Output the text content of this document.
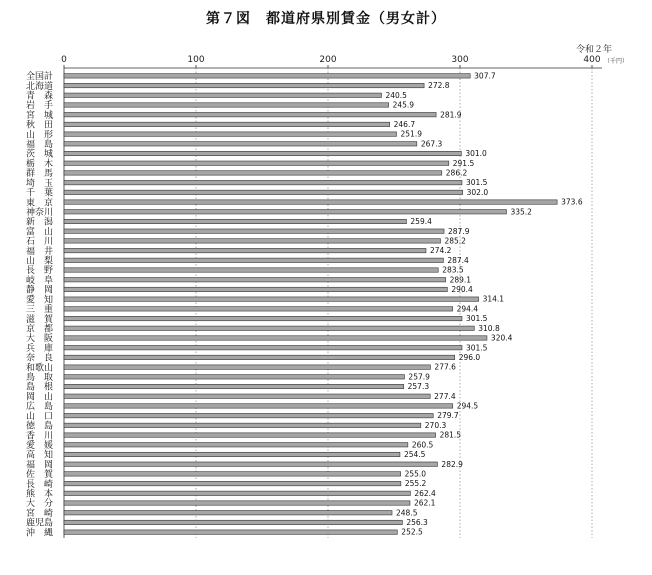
第７図　都道府県別賃金（男女計）
令和２年
（千円）
0	100	200	300	400
全国計	307.7
北海道	272.8
青　森	240.5
岩　手	245.9
宮　城	281.9
秋　田	246.7
山　形	251.9
福　島	267.3
茨　城	301.0
栃　木	291.5
群　馬	286.2
埼　玉	301.5
千　葉	302.0
東　京	373.6
神奈川	335.2
新　潟	259.4
富　山	287.9
石　川	285.2
福　井	274.2
山　梨	287.4
長　野	283.5
岐　阜	289.1
静　岡	290.4
愛　知	314.1
三　重	294.4
滋　賀	301.5
京　都	310.8
大　阪	320.4
兵　庫	301.5
奈　良	296.0
和歌山	277.6
鳥　取	257.9
島　根	257.3
岡　山	277.4
広　島	294.5
山　口	279.7
徳　島	270.3
香　川	281.5
愛　媛	260.5
高　知	254.5
福　岡	282.9
佐　賀	255.0
長　崎	255.2
熊　本	262.4
大　分	262.1
宮　崎	248.5
鹿児島	256.3
沖　縄	252.5
